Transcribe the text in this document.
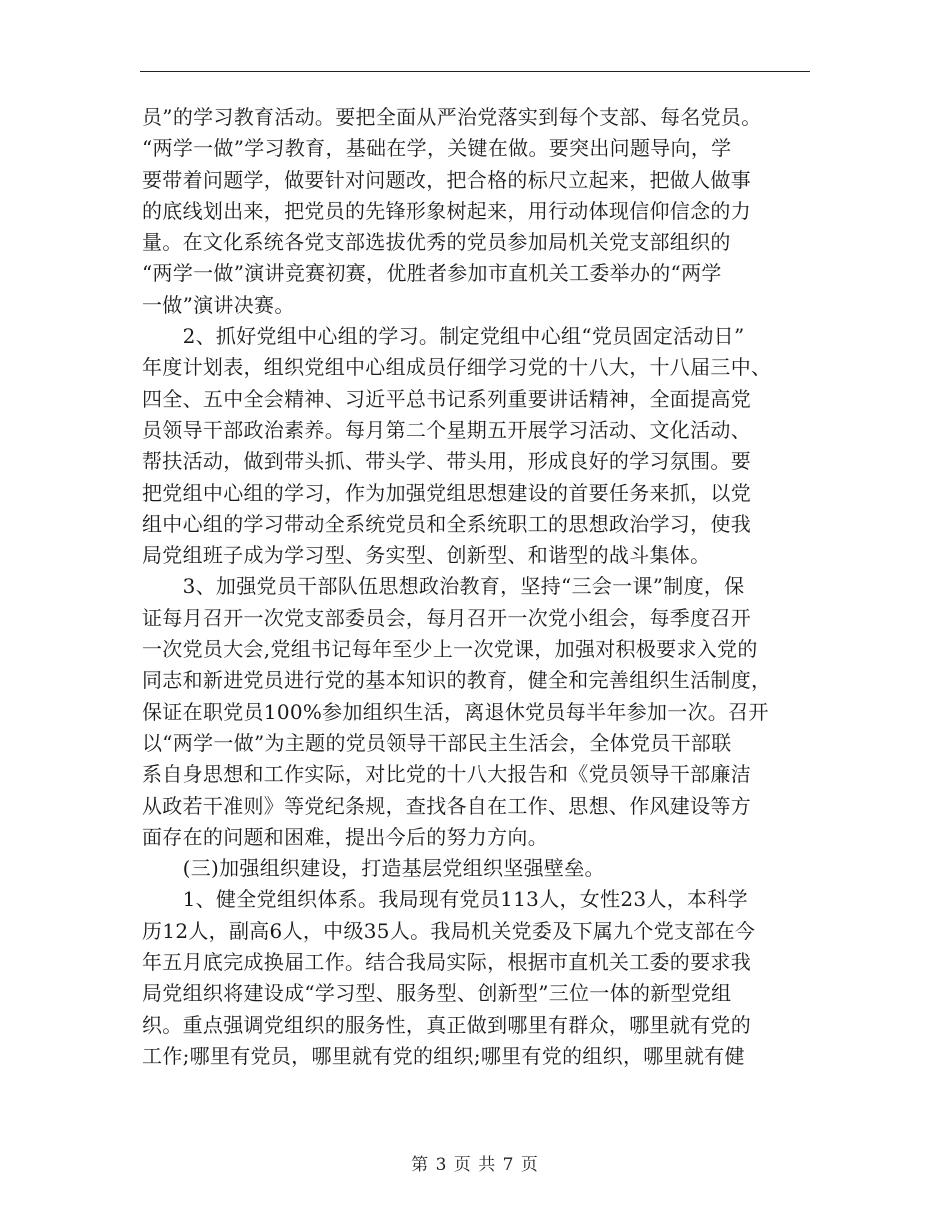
员”的学习教育活动。要把全面从严治党落实到每个支部、每名党员。
“两学一做”学习教育，基础在学，关键在做。要突出问题导向，学
要带着问题学，做要针对问题改，把合格的标尺立起来，把做人做事
的底线划出来，把党员的先锋形象树起来，用行动体现信仰信念的力
量。在文化系统各党支部选拔优秀的党员参加局机关党支部组织的
“两学一做”演讲竞赛初赛，优胜者参加市直机关工委举办的“两学
一做”演讲决赛。
　　2、抓好党组中心组的学习。制定党组中心组“党员固定活动日”
年度计划表，组织党组中心组成员仔细学习党的十八大，十八届三中、
四全、五中全会精神、习近平总书记系列重要讲话精神，全面提高党
员领导干部政治素养。每月第二个星期五开展学习活动、文化活动、
帮扶活动，做到带头抓、带头学、带头用，形成良好的学习氛围。要
把党组中心组的学习，作为加强党组思想建设的首要任务来抓，以党
组中心组的学习带动全系统党员和全系统职工的思想政治学习，使我
局党组班子成为学习型、务实型、创新型、和谐型的战斗集体。
　　3、加强党员干部队伍思想政治教育，坚持“三会一课”制度，保
证每月召开一次党支部委员会，每月召开一次党小组会，每季度召开
一次党员大会,党组书记每年至少上一次党课，加强对积极要求入党的
同志和新进党员进行党的基本知识的教育，健全和完善组织生活制度，
保证在职党员100%参加组织生活，离退休党员每半年参加一次。召开
以“两学一做”为主题的党员领导干部民主生活会，全体党员干部联
系自身思想和工作实际，对比党的十八大报告和《党员领导干部廉洁
从政若干准则》等党纪条规，查找各自在工作、思想、作风建设等方
面存在的问题和困难，提出今后的努力方向。
　　(三)加强组织建设，打造基层党组织坚强壁垒。
　　1、健全党组织体系。我局现有党员113人，女性23人，本科学
历12人，副高6人，中级35人。我局机关党委及下属九个党支部在今
年五月底完成换届工作。结合我局实际，根据市直机关工委的要求我
局党组织将建设成“学习型、服务型、创新型”三位一体的新型党组
织。重点强调党组织的服务性，真正做到哪里有群众，哪里就有党的
工作;哪里有党员，哪里就有党的组织;哪里有党的组织，哪里就有健
第 3 页 共 7 页
